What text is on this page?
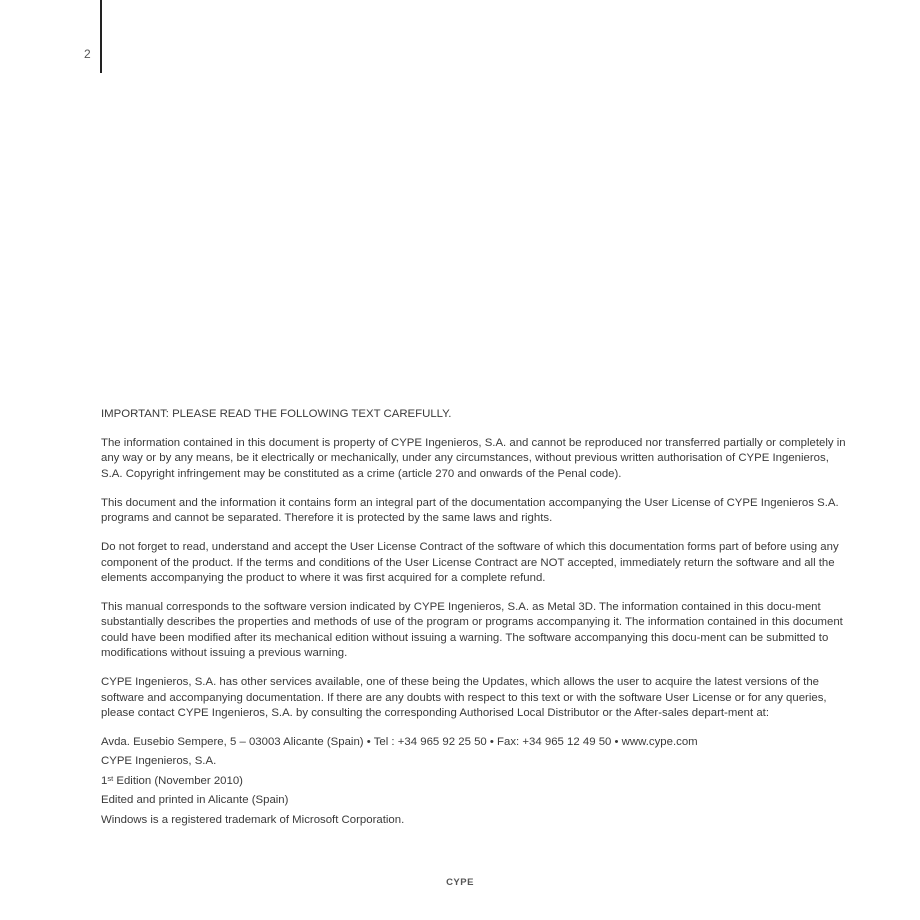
2

IMPORTANT: PLEASE READ THE FOLLOWING TEXT CAREFULLY.

The information contained in this document is property of CYPE Ingenieros, S.A. and cannot be reproduced nor transferred partially or completely in any way or by any means, be it electrically or mechanically, under any circumstances, without previous written authorisation of CYPE Ingenieros, S.A. Copyright infringement may be constituted as a crime (article 270 and onwards of the Penal code).

This document and the information it contains form an integral part of the documentation accompanying the User License of CYPE Ingenieros S.A. programs and cannot be separated. Therefore it is protected by the same laws and rights.

Do not forget to read, understand and accept the User License Contract of the software of which this documentation forms part of before using any component of the product. If the terms and conditions of the User License Contract are NOT accepted, immediately return the software and all the elements accompanying the product to where it was first acquired for a complete refund.

This manual corresponds to the software version indicated by CYPE Ingenieros, S.A. as Metal 3D. The information contained in this docu-ment substantially describes the properties and methods of use of the program or programs accompanying it. The information contained in this document could have been modified after its mechanical edition without issuing a warning. The software accompanying this docu-ment can be submitted to modifications without issuing a previous warning.

CYPE Ingenieros, S.A. has other services available, one of these being the Updates, which allows the user to acquire the latest versions of the software and accompanying documentation. If there are any doubts with respect to this text or with the software User License or for any queries, please contact CYPE Ingenieros, S.A. by consulting the corresponding Authorised Local Distributor or the After-sales depart-ment at:

Avda. Eusebio Sempere, 5 – 03003 Alicante (Spain) • Tel : +34 965 92 25 50 • Fax: +34 965 12 49 50 • www.cype.com
CYPE Ingenieros, S.A.
1st Edition (November 2010)
Edited and printed in Alicante (Spain)
Windows is a registered trademark of Microsoft Corporation.
CYPE
